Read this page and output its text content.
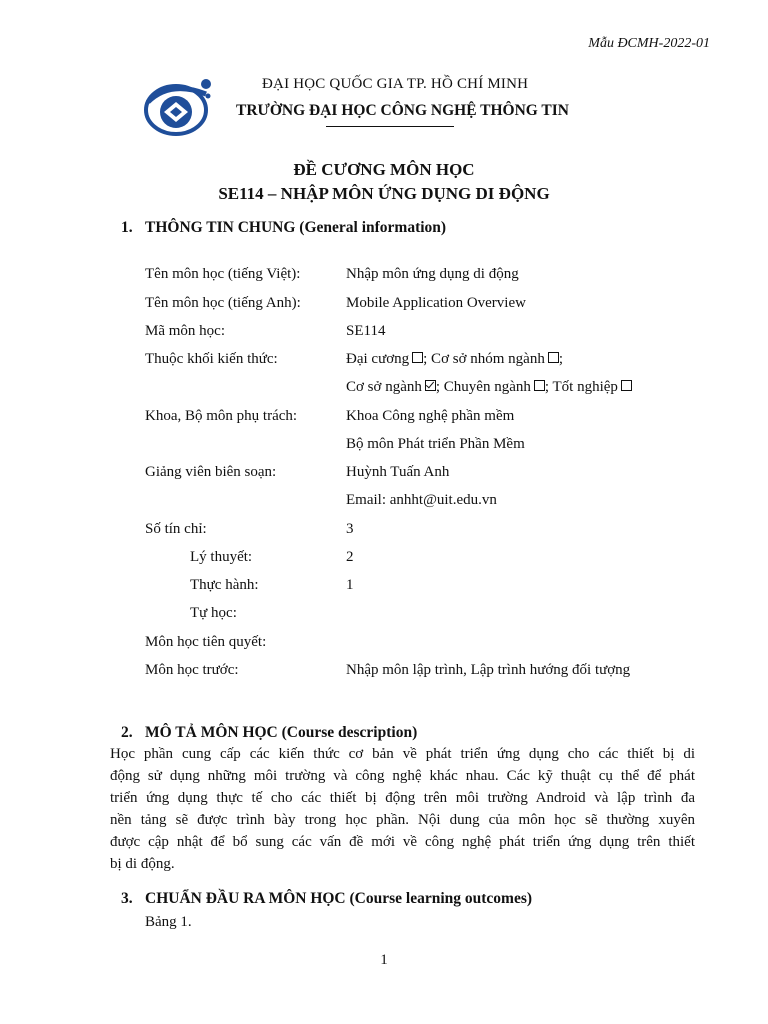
Mẫu ĐCMH-2022-01
ĐẠI HỌC QUỐC GIA TP. HỒ CHÍ MINH
TRƯỜNG ĐẠI HỌC CÔNG NGHỆ THÔNG TIN
ĐỀ CƯƠNG MÔN HỌC
SE114 – NHẬP MÔN ỨNG DỤNG DI ĐỘNG
1. THÔNG TIN CHUNG (General information)
Tên môn học (tiếng Việt):	Nhập môn ứng dụng di động
Tên môn học (tiếng Anh):	Mobile Application Overview
Mã môn học:	SE114
Thuộc khối kiến thức:	Đại cương ; Cơ sở nhóm ngành ;
Cơ sở ngành ; Chuyên ngành ; Tốt nghiệp
Khoa, Bộ môn phụ trách:	Khoa Công nghệ phần mềm
Bộ môn Phát triển Phần Mềm
Giảng viên biên soạn:	Huỳnh Tuấn Anh
Email: anhht@uit.edu.vn
Số tín chỉ:	3
Lý thuyết:	2
Thực hành:	1
Tự học:
Môn học tiên quyết:
Môn học trước:	Nhập môn lập trình, Lập trình hướng đối tượng
2. MÔ TẢ MÔN HỌC (Course description)
Học phần cung cấp các kiến thức cơ bản về phát triển ứng dụng cho các thiết bị di
động sử dụng những môi trường và công nghệ khác nhau. Các kỹ thuật cụ thể để phát
triển ứng dụng thực tế cho các thiết bị động trên môi trường Android và lập trình đa
nền tảng sẽ được trình bày trong học phần. Nội dung của môn học sẽ thường xuyên
được cập nhật để bổ sung các vấn đề mới về công nghệ phát triển ứng dụng trên thiết
bị di động.
3. CHUẨN ĐẦU RA MÔN HỌC (Course learning outcomes)
Bảng 1.
1
